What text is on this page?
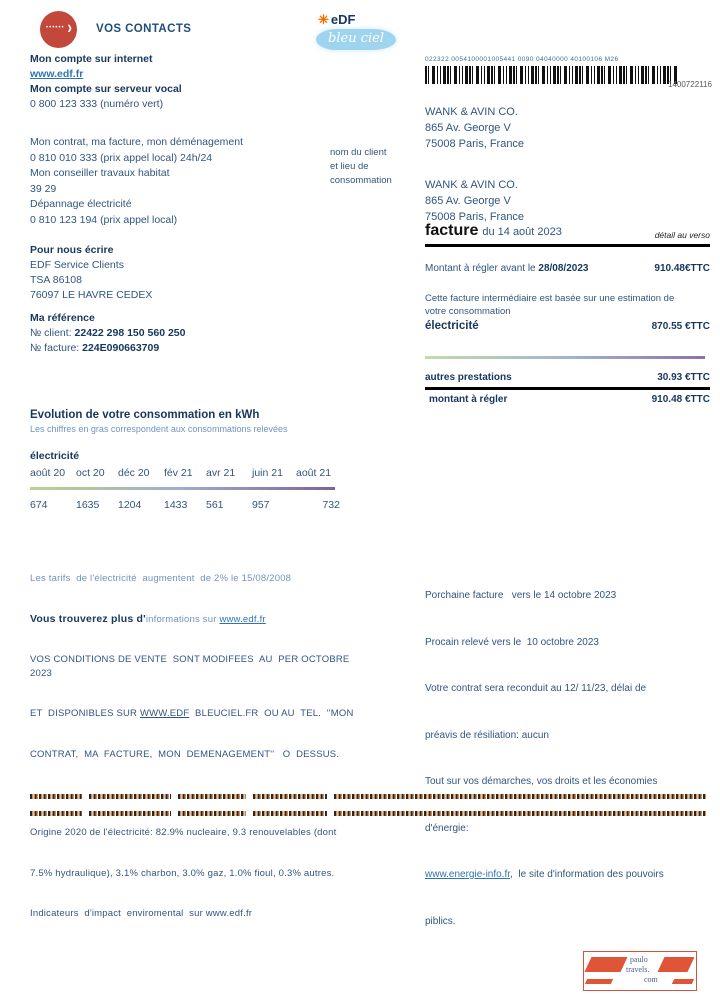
•••••• › VOS CONTACTS
✳ eDF
bleu ciel
Mon compte sur internet
www.edf.fr
Mon compte sur serveur vocal
0 800 123 333 (numéro vert)
Mon contrat, ma facture, mon déménagement
0 810 010 333 (prix appel local) 24h/24
Mon conseiller travaux habitat
39 29
Dépannage électricité
0 810 123 194 (prix appel local)
Pour nous écrire
EDF Service Clients
TSA 86108
76097 LE HAVRE CEDEX
Ma référence
№ client: 22422 298 150 560 250
№ facture: 224E090663709
nom du client
et lieu de
consommation
Evolution de votre consommation en kWh
Les chiffres en gras correspondent aux consommations relevées
électricité
août 20	oct 20	déc 20	fév 21	avr 21	juin 21	août 21
674	1635	1204	1433	561	957	732

Les tarifs  de l'électricité  augmentent  de 2% le 15/08/2008

Vous trouverez plus d'informations sur www.edf.fr

VOS CONDITIONS DE VENTE  SONT MODIFEES  AU  PER OCTOBRE 2023

ET  DISPONIBLES SUR WWW.EDF  BLEUCIEL.FR  OU AU  TEL.  ''MON

CONTRAT,  MA  FACTURE,  MON  DEMENAGEMENT''   O  DESSUS.

Origine 2020 de l'électricité: 82.9% nucleaire, 9.3 renouvelables (dont

7.5% hydraulique), 3.1% charbon, 3.0% gaz, 1.0% fioul, 0.3% autres.

Indicateurs  d'impact  enviromental  sur www.edf.fr

022322 0054100001005441 0090 04040000 40100106 M26
1400722116
WANK & AVIN CO.
865 Av. George V
75008 Paris, France
WANK & AVIN CO.
865 Av. George V
75008 Paris, France
facture du 14 août 2023	détail au verso
Montant à régler avant le 28/08/2023	910.48€TTC
Cette facture intermédiaire est basée sur une estimation de
votre consommation
électricité	870.55 €TTC
autres prestations	30.93 €TTC
montant à régler	910.48 €TTC

Porchaine facture   vers le 14 octobre 2023

Procain relevé vers le  10 octobre 2023

Votre contrat sera reconduit au 12/ 11/23, délai de

préavis de résiliation: aucun

Tout sur vos démarches, vos droits et les économies

d'énergie:

www.energie-info.fr,  le site d'information des pouvoirs

piblics.

paulo
travels.
com
